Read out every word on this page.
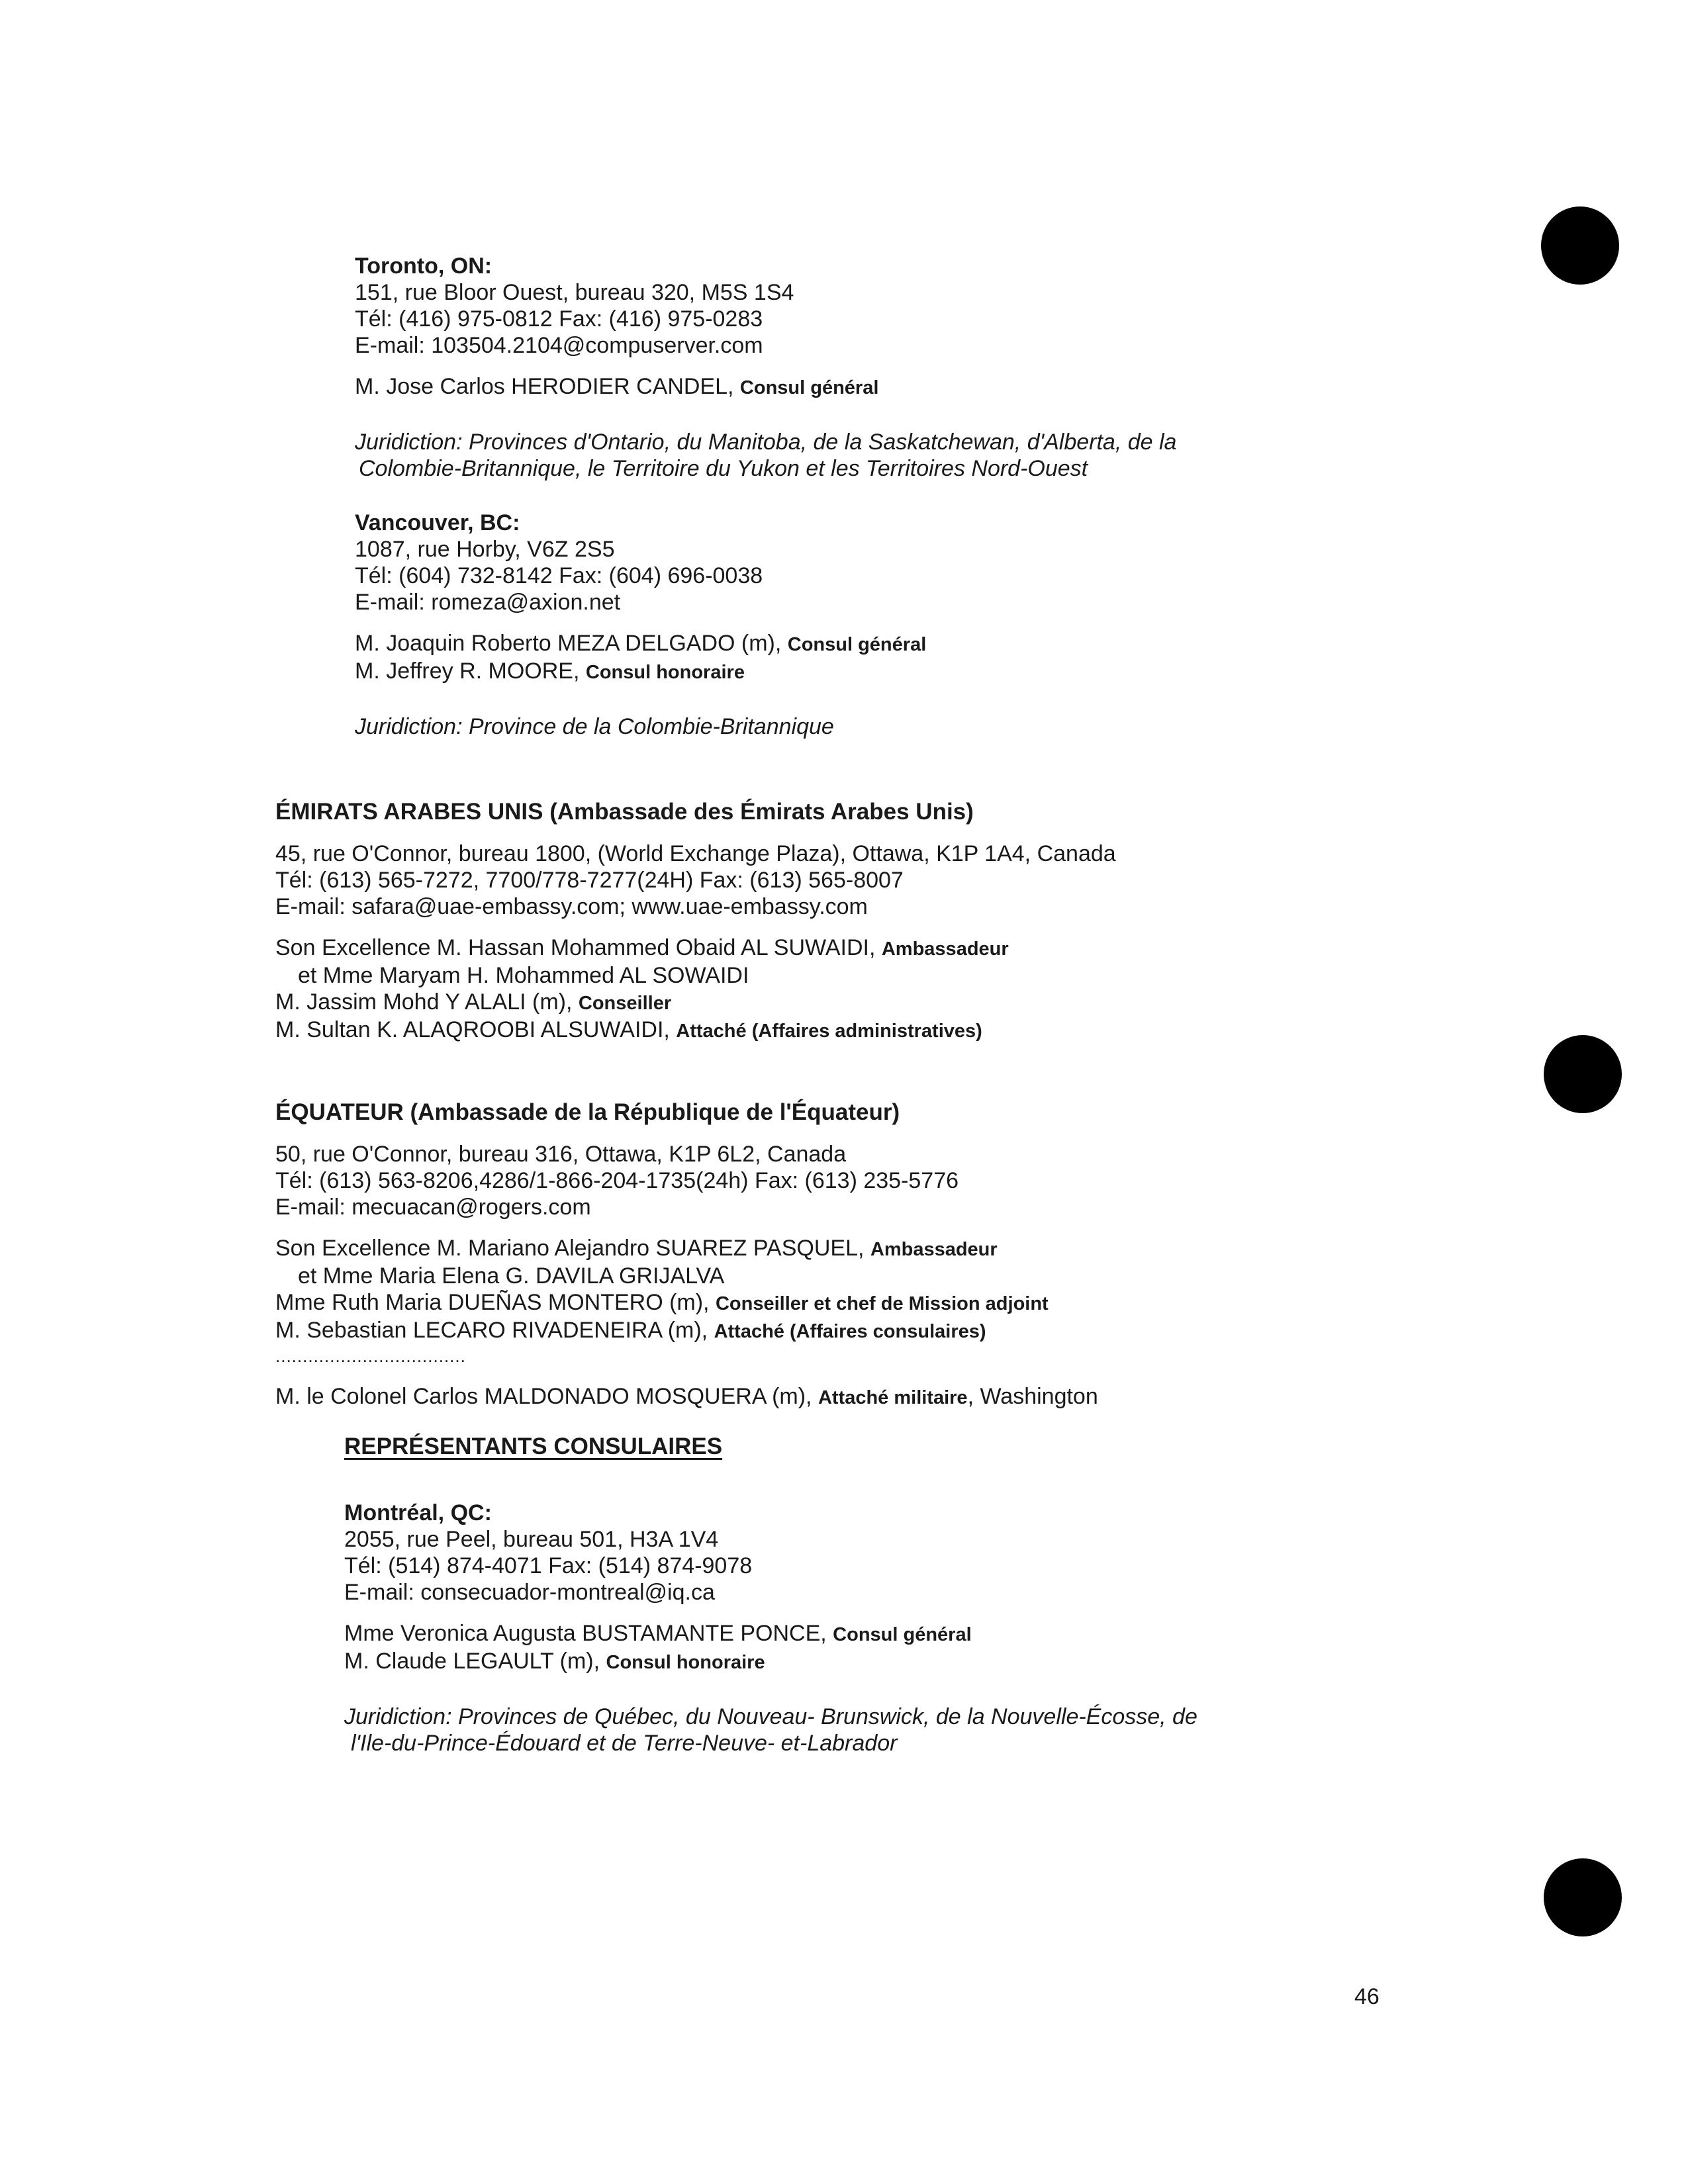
Toronto, ON:
151, rue Bloor Ouest, bureau 320, M5S 1S4
Tél: (416) 975-0812 Fax: (416) 975-0283
E-mail: 103504.2104@compuserver.com
M. Jose Carlos HERODIER CANDEL, Consul général
Juridiction: Provinces d'Ontario, du Manitoba, de la Saskatchewan, d'Alberta, de la
Colombie-Britannique, le Territoire du Yukon et les Territoires Nord-Ouest
Vancouver, BC:
1087, rue Horby, V6Z 2S5
Tél: (604) 732-8142 Fax: (604) 696-0038
E-mail: romeza@axion.net
M. Joaquin Roberto MEZA DELGADO (m), Consul général
M. Jeffrey R. MOORE, Consul honoraire
Juridiction: Province de la Colombie-Britannique
ÉMIRATS ARABES UNIS (Ambassade des Émirats Arabes Unis)
45, rue O'Connor, bureau 1800, (World Exchange Plaza), Ottawa, K1P 1A4, Canada
Tél: (613) 565-7272, 7700/778-7277(24H) Fax: (613) 565-8007
E-mail: safara@uae-embassy.com; www.uae-embassy.com
Son Excellence M. Hassan Mohammed Obaid AL SUWAIDI, Ambassadeur
et Mme Maryam H. Mohammed AL SOWAIDI
M. Jassim Mohd Y ALALI (m), Conseiller
M. Sultan K. ALAQROOBI ALSUWAIDI, Attaché (Affaires administratives)
ÉQUATEUR (Ambassade de la République de l'Équateur)
50, rue O'Connor, bureau 316, Ottawa, K1P 6L2, Canada
Tél: (613) 563-8206,4286/1-866-204-1735(24h) Fax: (613) 235-5776
E-mail: mecuacan@rogers.com
Son Excellence M. Mariano Alejandro SUAREZ PASQUEL, Ambassadeur
et Mme Maria Elena G. DAVILA GRIJALVA
Mme Ruth Maria DUEÑAS MONTERO (m), Conseiller et chef de Mission adjoint
M. Sebastian LECARO RIVADENEIRA (m), Attaché (Affaires consulaires)
...................................
M. le Colonel Carlos MALDONADO MOSQUERA (m), Attaché militaire, Washington
REPRÉSENTANTS CONSULAIRES
Montréal, QC:
2055, rue Peel, bureau 501, H3A 1V4
Tél: (514) 874-4071 Fax: (514) 874-9078
E-mail: consecuador-montreal@iq.ca
Mme Veronica Augusta BUSTAMANTE PONCE, Consul général
M. Claude LEGAULT (m), Consul honoraire
Juridiction: Provinces de Québec, du Nouveau- Brunswick, de la Nouvelle-Écosse, de
l'Ile-du-Prince-Édouard et de Terre-Neuve- et-Labrador
46
